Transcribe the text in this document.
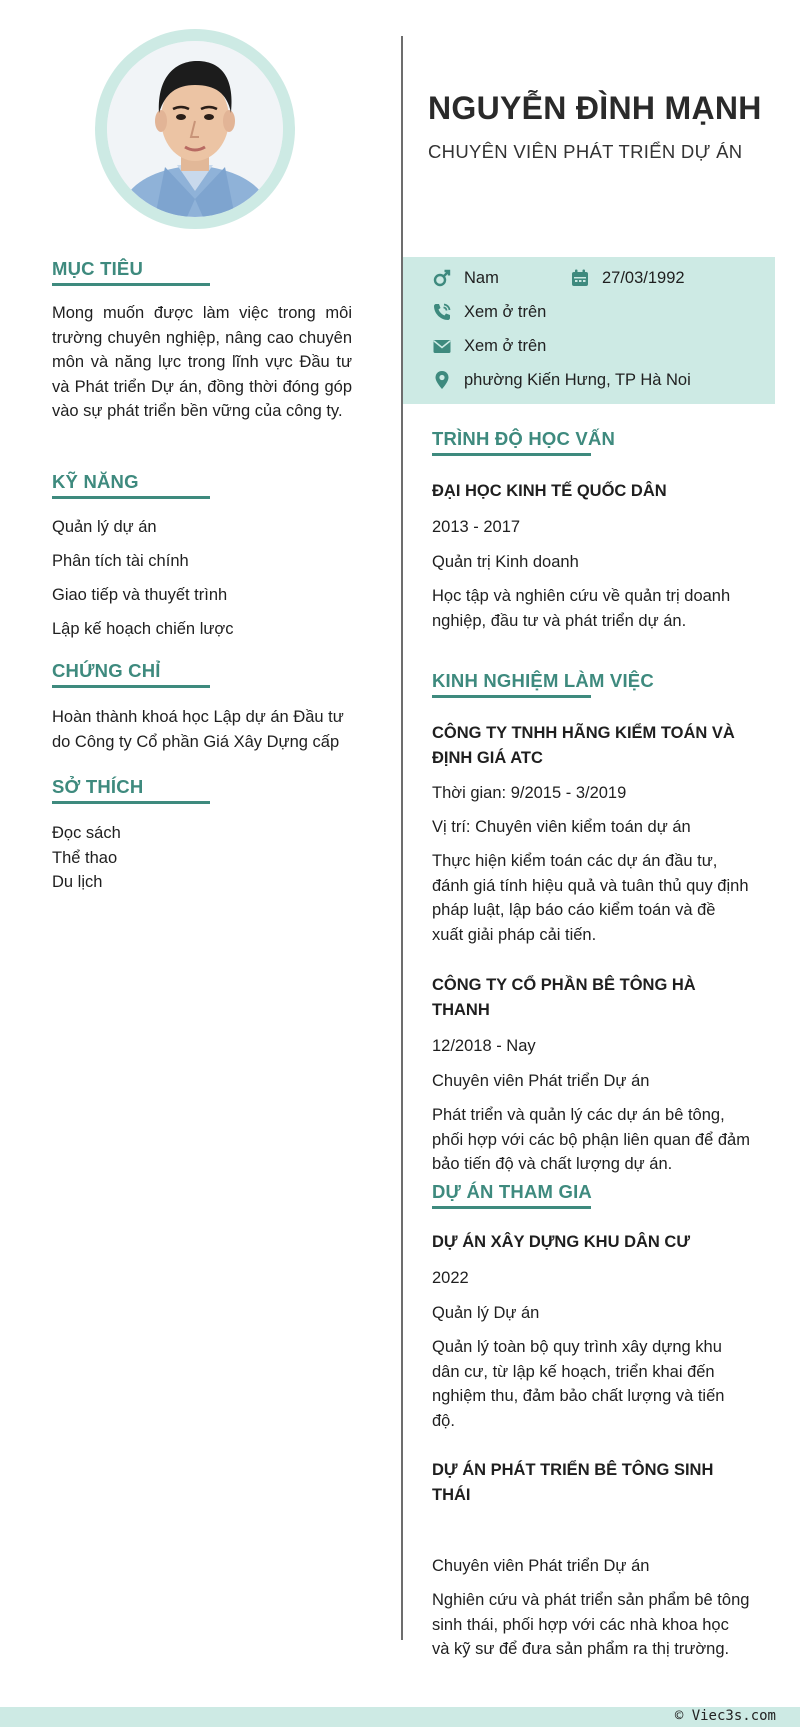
MỤC TIÊU

Mong muốn được làm việc trong môi trường chuyên nghiệp, nâng cao chuyên môn và năng lực trong lĩnh vực Đầu tư và Phát triển Dự án, đồng thời đóng góp vào sự phát triển bền vững của công ty.

KỸ NĂNG
Quản lý dự án
Phân tích tài chính
Giao tiếp và thuyết trình
Lập kế hoạch chiến lược
CHỨNG CHỈ

Hoàn thành khoá học Lập dự án Đầu tư

do Công ty Cổ phần Giá Xây Dựng cấp

SỞ THÍCH
Đọc sách
Thể thao
Du lịch
NGUYỄN ĐÌNH MẠNH
CHUYÊN VIÊN PHÁT TRIỂN DỰ ÁN
Nam	27/03/1992
Xem ở trên
Xem ở trên
phường Kiến Hưng, TP Hà Noi
TRÌNH ĐỘ HỌC VẤN
ĐẠI HỌC KINH TẾ QUỐC DÂN
2013 - 2017
Quản trị Kinh doanh
Học tập và nghiên cứu về quản trị doanh nghiệp, đầu tư và phát triển dự án.
KINH NGHIỆM LÀM VIỆC
CÔNG TY TNHH HÃNG KIỂM TOÁN VÀ ĐỊNH GIÁ ATC
Thời gian: 9/2015 - 3/2019
Vị trí: Chuyên viên kiểm toán dự án
Thực hiện kiểm toán các dự án đầu tư, đánh giá tính hiệu quả và tuân thủ quy định pháp luật, lập báo cáo kiểm toán và đề xuất giải pháp cải tiến.
CÔNG TY CỔ PHẦN BÊ TÔNG HÀ THANH
12/2018 - Nay
Chuyên viên Phát triển Dự án
Phát triển và quản lý các dự án bê tông, phối hợp với các bộ phận liên quan để đảm bảo tiến độ và chất lượng dự án.
DỰ ÁN THAM GIA
DỰ ÁN XÂY DỰNG KHU DÂN CƯ
2022
Quản lý Dự án
Quản lý toàn bộ quy trình xây dựng khu dân cư, từ lập kế hoạch, triển khai đến nghiệm thu, đảm bảo chất lượng và tiến độ.
DỰ ÁN PHÁT TRIỂN BÊ TÔNG SINH THÁI
Chuyên viên Phát triển Dự án
Nghiên cứu và phát triển sản phẩm bê tông sinh thái, phối hợp với các nhà khoa học và kỹ sư để đưa sản phẩm ra thị trường.
© Viec3s.com
